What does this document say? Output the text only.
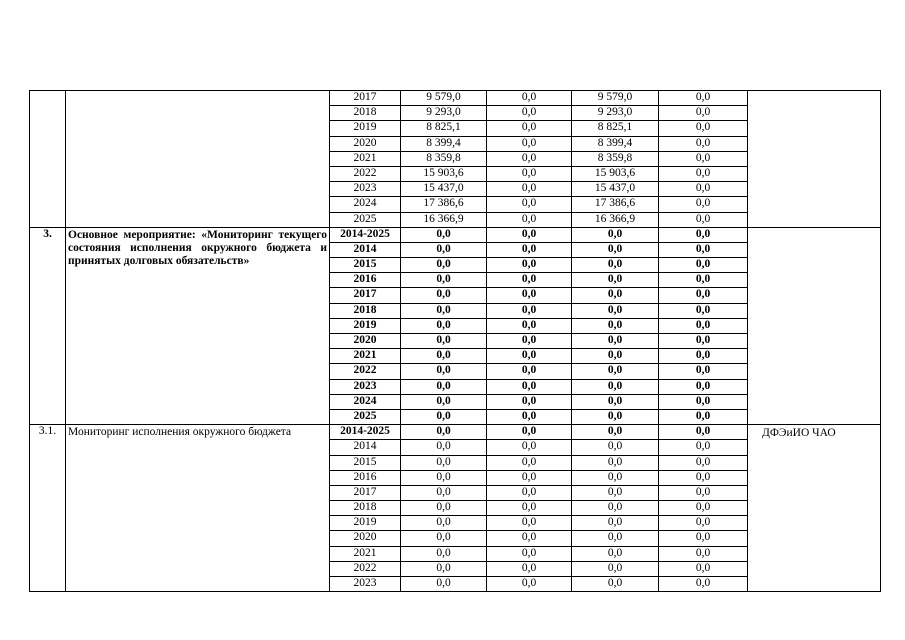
		2017	9 579,0	0,0	9 579,0	0,0	
		2018	9 293,0	0,0	9 293,0	0,0	
		2019	8 825,1	0,0	8 825,1	0,0	
		2020	8 399,4	0,0	8 399,4	0,0	
		2021	8 359,8	0,0	8 359,8	0,0	
		2022	15 903,6	0,0	15 903,6	0,0	
		2023	15 437,0	0,0	15 437,0	0,0	
		2024	17 386,6	0,0	17 386,6	0,0	
		2025	16 366,9	0,0	16 366,9	0,0	
3.	Основное мероприятие: «Мониторинг текущего состояния исполнения окружного бюджета и принятых долговых обязательств»	2014-2025	0,0	0,0	0,0	0,0	
		2014	0,0	0,0	0,0	0,0	
		2015	0,0	0,0	0,0	0,0	
		2016	0,0	0,0	0,0	0,0	
		2017	0,0	0,0	0,0	0,0	
		2018	0,0	0,0	0,0	0,0	
		2019	0,0	0,0	0,0	0,0	
		2020	0,0	0,0	0,0	0,0	
		2021	0,0	0,0	0,0	0,0	
		2022	0,0	0,0	0,0	0,0	
		2023	0,0	0,0	0,0	0,0	
		2024	0,0	0,0	0,0	0,0	
		2025	0,0	0,0	0,0	0,0	
3.1.	Мониторинг исполнения окружного бюджета	2014-2025	0,0	0,0	0,0	0,0	ДФЭиИО ЧАО
		2014	0,0	0,0	0,0	0,0	
		2015	0,0	0,0	0,0	0,0	
		2016	0,0	0,0	0,0	0,0	
		2017	0,0	0,0	0,0	0,0	
		2018	0,0	0,0	0,0	0,0	
		2019	0,0	0,0	0,0	0,0	
		2020	0,0	0,0	0,0	0,0	
		2021	0,0	0,0	0,0	0,0	
		2022	0,0	0,0	0,0	0,0	
		2023	0,0	0,0	0,0	0,0	
